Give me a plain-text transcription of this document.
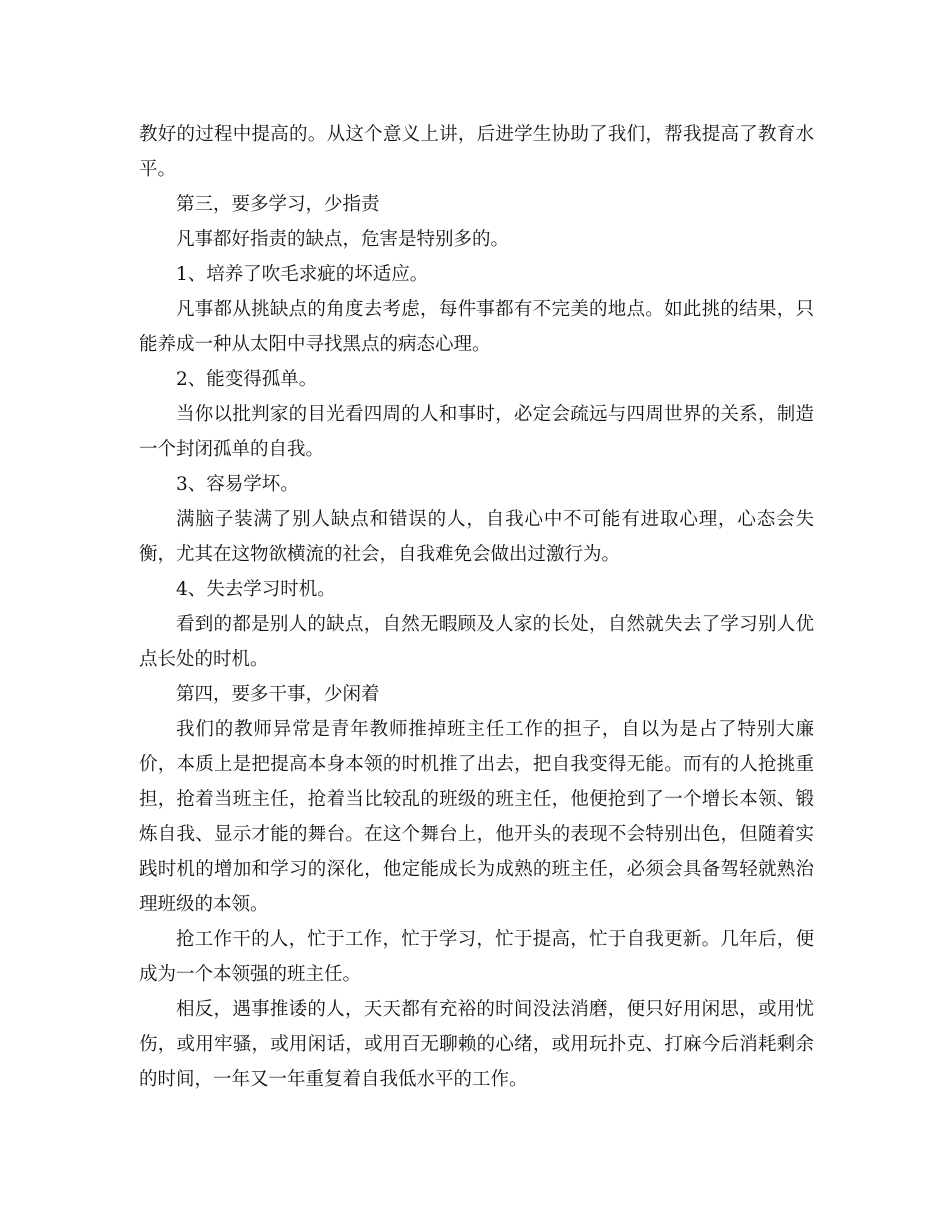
教好的过程中提高的。从这个意义上讲，后进学生协助了我们，帮我提高了教育水平。

第三，要多学习，少指责

凡事都好指责的缺点，危害是特别多的。

1、培养了吹毛求疵的坏适应。

凡事都从挑缺点的角度去考虑，每件事都有不完美的地点。如此挑的结果，只能养成一种从太阳中寻找黑点的病态心理。

2、能变得孤单。

当你以批判家的目光看四周的人和事时，必定会疏远与四周世界的关系，制造一个封闭孤单的自我。

3、容易学坏。

满脑子装满了别人缺点和错误的人，自我心中不可能有进取心理，心态会失衡，尤其在这物欲横流的社会，自我难免会做出过激行为。

4、失去学习时机。

看到的都是别人的缺点，自然无暇顾及人家的长处，自然就失去了学习别人优点长处的时机。

第四，要多干事，少闲着

我们的教师异常是青年教师推掉班主任工作的担子，自以为是占了特别大廉价，本质上是把提高本身本领的时机推了出去，把自我变得无能。而有的人抢挑重担，抢着当班主任，抢着当比较乱的班级的班主任，他便抢到了一个增长本领、锻炼自我、显示才能的舞台。在这个舞台上，他开头的表现不会特别出色，但随着实践时机的增加和学习的深化，他定能成长为成熟的班主任，必须会具备驾轻就熟治理班级的本领。

抢工作干的人，忙于工作，忙于学习，忙于提高，忙于自我更新。几年后，便成为一个本领强的班主任。

相反，遇事推诿的人，天天都有充裕的时间没法消磨，便只好用闲思，或用忧伤，或用牢骚，或用闲话，或用百无聊赖的心绪，或用玩扑克、打麻今后消耗剩余的时间，一年又一年重复着自我低水平的工作。
